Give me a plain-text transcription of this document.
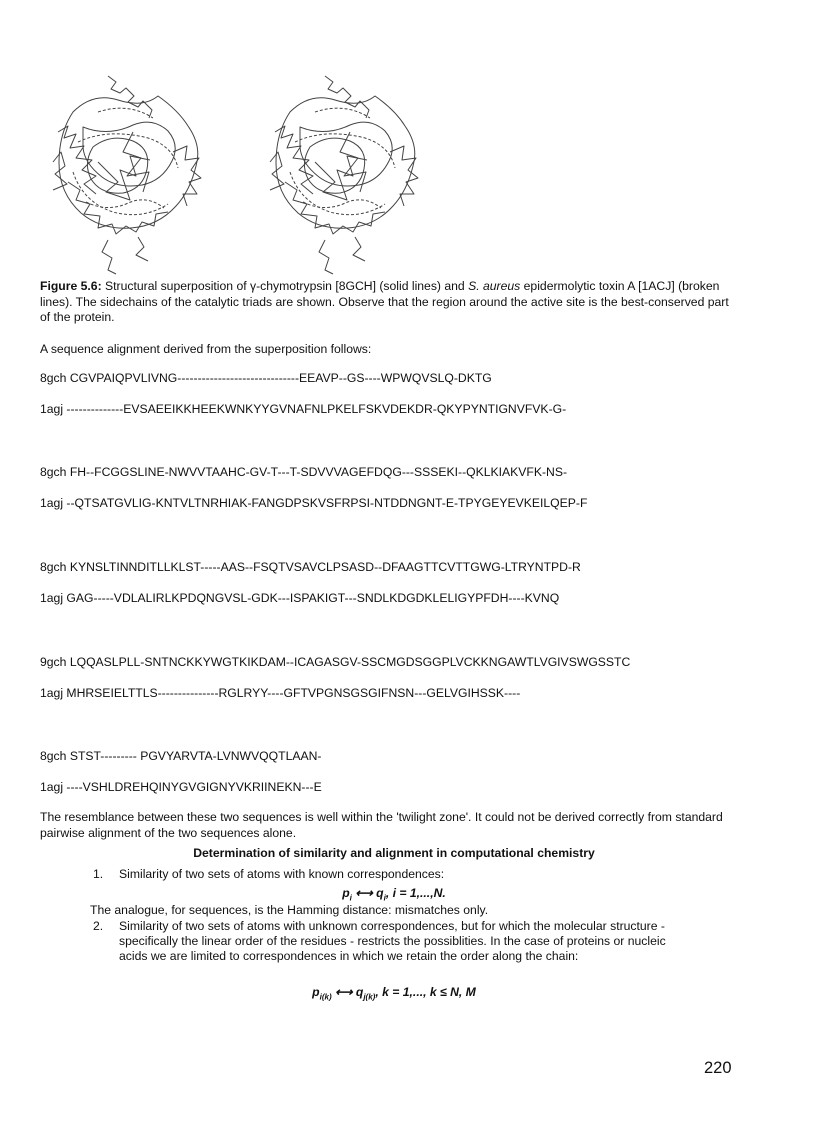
Figure 5.6: Structural superposition of γ-chymotrypsin [8GCH] (solid lines) and S. aureus epidermolytic toxin A [1ACJ] (broken lines). The sidechains of the catalytic triads are shown. Observe that the region around the active site is the best-conserved part of the protein.
A sequence alignment derived from the superposition follows:
8gch CGVPAIQPVLIVNG------------------------------EEAVP--GS----WPWQVSLQ-DKTG
1agj --------------EVSAEEIKKHEEKWNKYYGVNAFNLPKELFSKVDEKDR-QKYPYNTIGNVFVK-G-
8gch FH--FCGGSLINE-NWVVTAAHC-GV-T---T-SDVVVAGEFDQG---SSSEKI--QKLKIAKVFK-NS-
1agj --QTSATGVLIG-KNTVLTNRHIAK-FANGDPSKVSFRPSI-NTDDNGNT-E-TPYGEYEVKEILQEP-F
8gch KYNSLTINNDITLLKLST-----AAS--FSQTVSAVCLPSASD--DFAAGTTCVTTGWG-LTRYNTPD-R
1agj GAG-----VDLALIRLKPDQNGVSL-GDK---ISPAKIGT---SNDLKDGDKLELIGYPFDH----KVNQ
9gch LQQASLPLL-SNTNCKKYWGTKIKDAM--ICAGASGV-SSCMGDSGGPLVCKKNGAWTLVGIVSWGSSTC
1agj MHRSEIELTTLS---------------RGLRYY----GFTVPGNSGSGIFNSN---GELVGIHSSK----
8gch STST--------- PGVYARVTA-LVNWVQQTLAAN-
1agj ----VSHLDREHQINYGVGIGNYVKRIINEKN---E
The resemblance between these two sequences is well within the 'twilight zone'. It could not be derived correctly from standard pairwise alignment of the two sequences alone.
Determination of similarity and alignment in computational chemistry
1. Similarity of two sets of atoms with known correspondences:
$p_i$ ⟷ $q_i$, i = 1,...,N.
The analogue, for sequences, is the Hamming distance: mismatches only.
2. Similarity of two sets of atoms with unknown correspondences, but for which the molecular structure - specifically the linear order of the residues - restricts the possiblities. In the case of proteins or nucleic acids we are limited to correspondences in which we retain the order along the chain:
$p_{i(k)}$ ⟷ $q_{j(k)}$, k = 1,..., k ≤ N, M
220
